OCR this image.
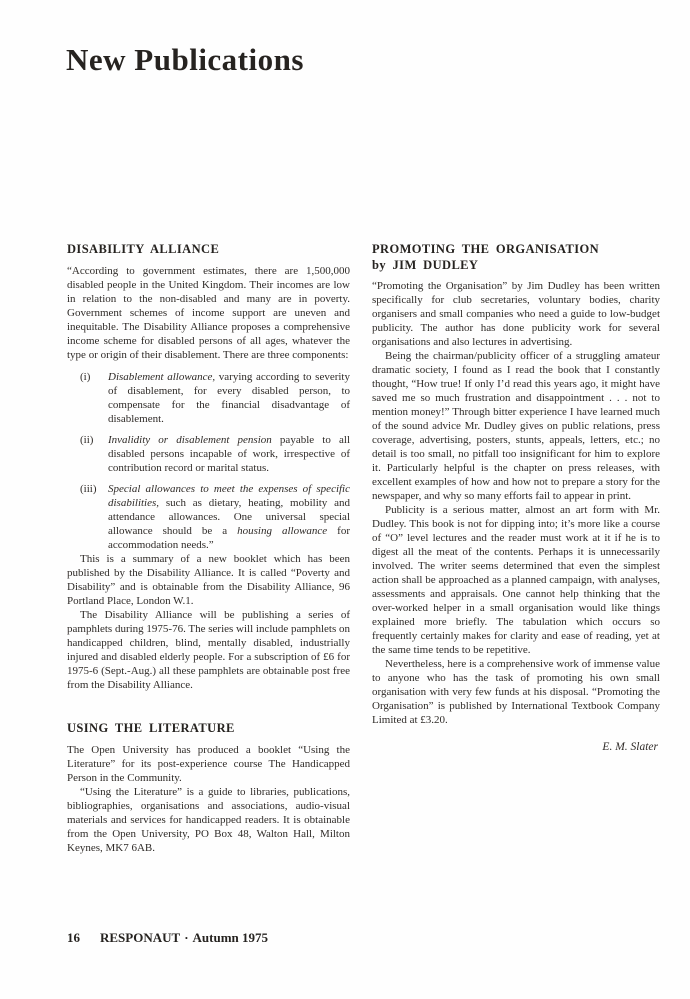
New Publications
DISABILITY ALLIANCE

“According to government estimates, there are 1,500,000 disabled people in the United Kingdom. Their incomes are low in relation to the non-disabled and many are in poverty. Government schemes of income support are uneven and inequitable. The Disability Alliance proposes a comprehensive income scheme for disabled persons of all ages, whatever the type or origin of their disablement. There are three components:

(i) Disablement allowance, varying according to severity of disablement, for every disabled person, to compensate for the financial disadvantage of disablement.
(ii) Invalidity or disablement pension payable to all disabled persons incapable of work, irrespective of contribution record or marital status.
(iii) Special allowances to meet the expenses of specific disabilities, such as dietary, heating, mobility and attendance allowances. One universal special allowance should be a housing allowance for accommodation needs.”

This is a summary of a new booklet which has been published by the Disability Alliance. It is called “Poverty and Disability” and is obtainable from the Disability Alliance, 96 Portland Place, London W.1.

The Disability Alliance will be publishing a series of pamphlets during 1975-76. The series will include pamphlets on handicapped children, blind, mentally disabled, industrially injured and disabled elderly people. For a subscription of £6 for 1975-6 (Sept.-Aug.) all these pamphlets are obtainable post free from the Disability Alliance.

USING THE LITERATURE

The Open University has produced a booklet “Using the Literature” for its post-experience course The Handicapped Person in the Community.

“Using the Literature” is a guide to libraries, publications, bibliographies, organisations and associations, audio-visual materials and services for handicapped readers. It is obtainable from the Open University, PO Box 48, Walton Hall, Milton Keynes, MK7 6AB.

PROMOTING THE ORGANISATION
by JIM DUDLEY

“Promoting the Organisation” by Jim Dudley has been written specifically for club secretaries, voluntary bodies, charity organisers and small companies who need a guide to low-budget publicity. The author has done publicity work for several organisations and also lectures in advertising.

Being the chairman/publicity officer of a struggling amateur dramatic society, I found as I read the book that I constantly thought, “How true! If only I’d read this years ago, it might have saved me so much frustration and disappointment . . . not to mention money!” Through bitter experience I have learned much of the sound advice Mr. Dudley gives on public relations, press coverage, advertising, posters, stunts, appeals, letters, etc.; no detail is too small, no pitfall too insignificant for him to explore it. Particularly helpful is the chapter on press releases, with excellent examples of how and how not to prepare a story for the newspaper, and why so many efforts fail to appear in print.

Publicity is a serious matter, almost an art form with Mr. Dudley. This book is not for dipping into; it’s more like a course of “O” level lectures and the reader must work at it if he is to digest all the meat of the contents. Perhaps it is unnecessarily involved. The writer seems determined that even the simplest action shall be approached as a planned campaign, with analyses, assessments and appraisals. One cannot help thinking that the over-worked helper in a small organisation would like things explained more briefly. The tabulation which occurs so frequently certainly makes for clarity and ease of reading, yet at the same time tends to be repetitive.

Nevertheless, here is a comprehensive work of immense value to anyone who has the task of promoting his own small organisation with very few funds at his disposal. “Promoting the Organisation” is published by International Textbook Company Limited at £3.20.

E. M. Slater
16 RESPONAUT · Autumn 1975
